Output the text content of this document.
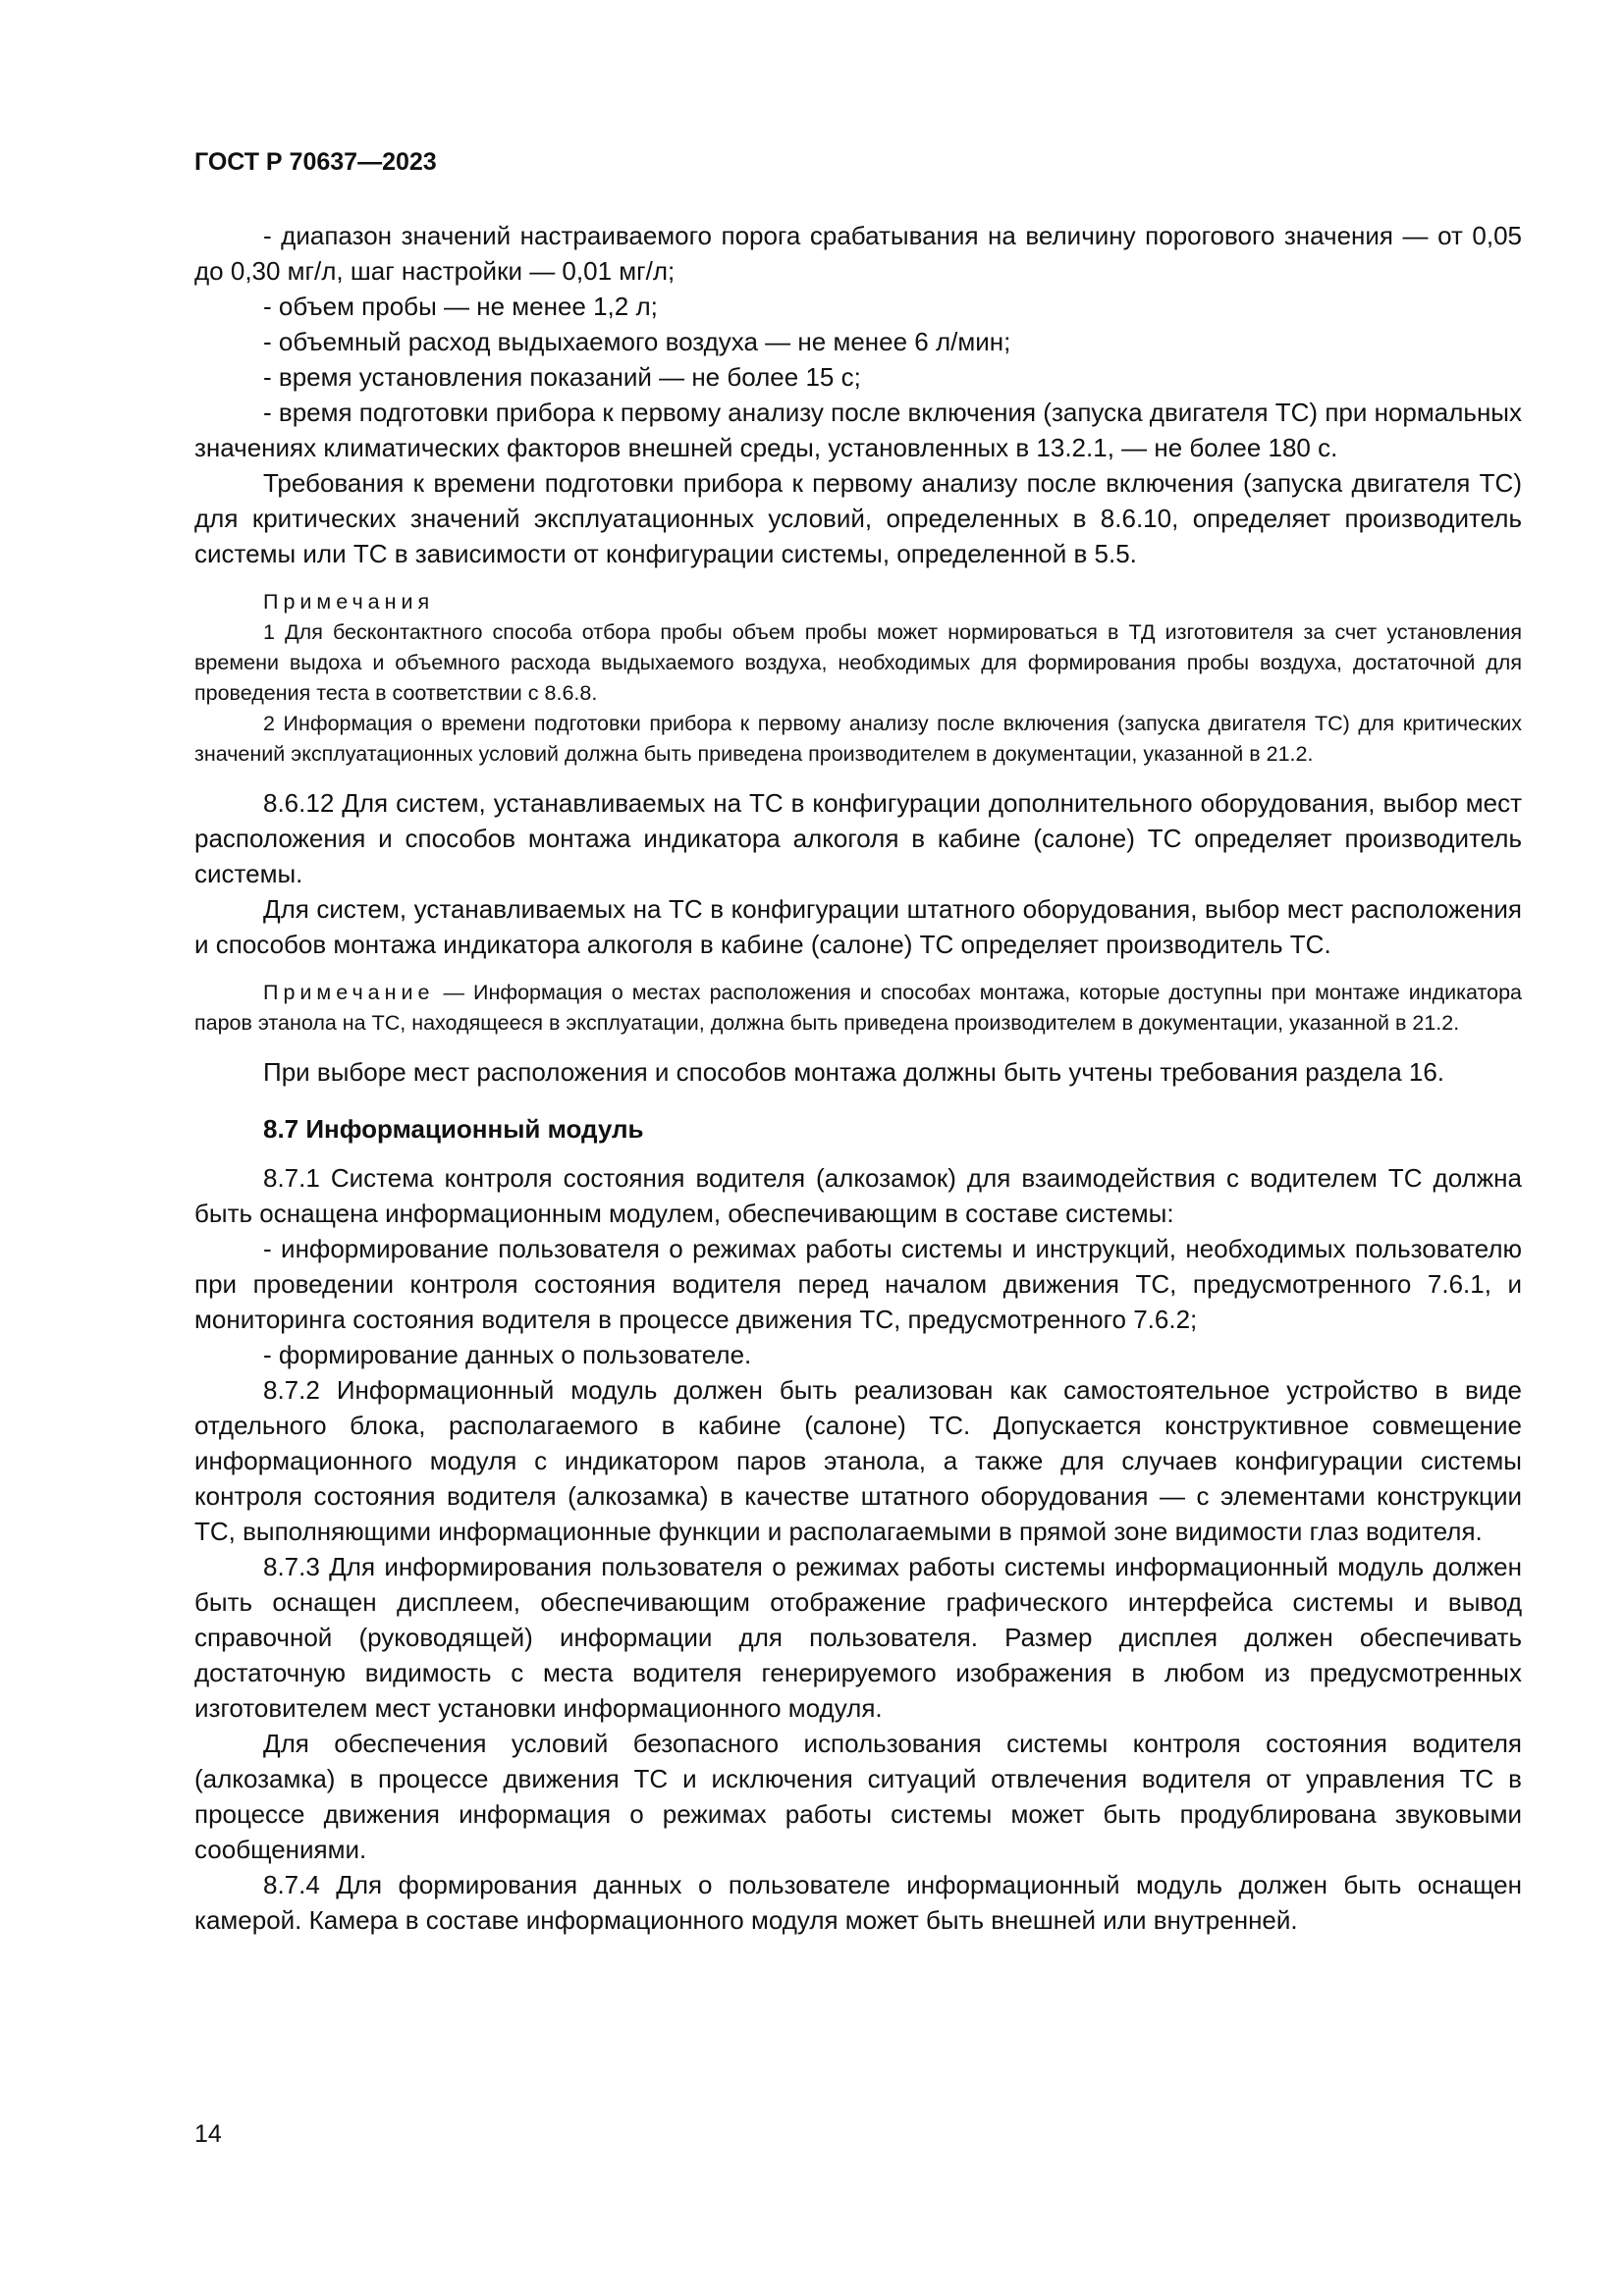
ГОСТ Р 70637—2023

- диапазон значений настраиваемого порога срабатывания на величину порогового значения — от 0,05 до 0,30 мг/л, шаг настройки — 0,01 мг/л;

- объем пробы — не менее 1,2 л;

- объемный расход выдыхаемого воздуха — не менее 6 л/мин;

- время установления показаний — не более 15 с;

- время подготовки прибора к первому анализу после включения (запуска двигателя ТС) при нормальных значениях климатических факторов внешней среды, установленных в 13.2.1, — не более 180 с.

Требования к времени подготовки прибора к первому анализу после включения (запуска двигателя ТС) для критических значений эксплуатационных условий, определенных в 8.6.10, определяет производитель системы или ТС в зависимости от конфигурации системы, определенной в 5.5.

Примечания

1 Для бесконтактного способа отбора пробы объем пробы может нормироваться в ТД изготовителя за счет установления времени выдоха и объемного расхода выдыхаемого воздуха, необходимых для формирования пробы воздуха, достаточной для проведения теста в соответствии с 8.6.8.

2 Информация о времени подготовки прибора к первому анализу после включения (запуска двигателя ТС) для критических значений эксплуатационных условий должна быть приведена производителем в документации, указанной в 21.2.

8.6.12 Для систем, устанавливаемых на ТС в конфигурации дополнительного оборудования, выбор мест расположения и способов монтажа индикатора алкоголя в кабине (салоне) ТС определяет производитель системы.

Для систем, устанавливаемых на ТС в конфигурации штатного оборудования, выбор мест расположения и способов монтажа индикатора алкоголя в кабине (салоне) ТС определяет производитель ТС.

Примечание — Информация о местах расположения и способах монтажа, которые доступны при монтаже индикатора паров этанола на ТС, находящееся в эксплуатации, должна быть приведена производителем в документации, указанной в 21.2.

При выборе мест расположения и способов монтажа должны быть учтены требования раздела 16.

8.7 Информационный модуль

8.7.1 Система контроля состояния водителя (алкозамок) для взаимодействия с водителем ТС должна быть оснащена информационным модулем, обеспечивающим в составе системы:

- информирование пользователя о режимах работы системы и инструкций, необходимых пользователю при проведении контроля состояния водителя перед началом движения ТС, предусмотренного 7.6.1, и мониторинга состояния водителя в процессе движения ТС, предусмотренного 7.6.2;

- формирование данных о пользователе.

8.7.2 Информационный модуль должен быть реализован как самостоятельное устройство в виде отдельного блока, располагаемого в кабине (салоне) ТС. Допускается конструктивное совмещение информационного модуля с индикатором паров этанола, а также для случаев конфигурации системы контроля состояния водителя (алкозамка) в качестве штатного оборудования — с элементами конструкции ТС, выполняющими информационные функции и располагаемыми в прямой зоне видимости глаз водителя.

8.7.3 Для информирования пользователя о режимах работы системы информационный модуль должен быть оснащен дисплеем, обеспечивающим отображение графического интерфейса системы и вывод справочной (руководящей) информации для пользователя. Размер дисплея должен обеспечивать достаточную видимость с места водителя генерируемого изображения в любом из предусмотренных изготовителем мест установки информационного модуля.

Для обеспечения условий безопасного использования системы контроля состояния водителя (алкозамка) в процессе движения ТС и исключения ситуаций отвлечения водителя от управления ТС в процессе движения информация о режимах работы системы может быть продублирована звуковыми сообщениями.

8.7.4 Для формирования данных о пользователе информационный модуль должен быть оснащен камерой. Камера в составе информационного модуля может быть внешней или внутренней.

14
